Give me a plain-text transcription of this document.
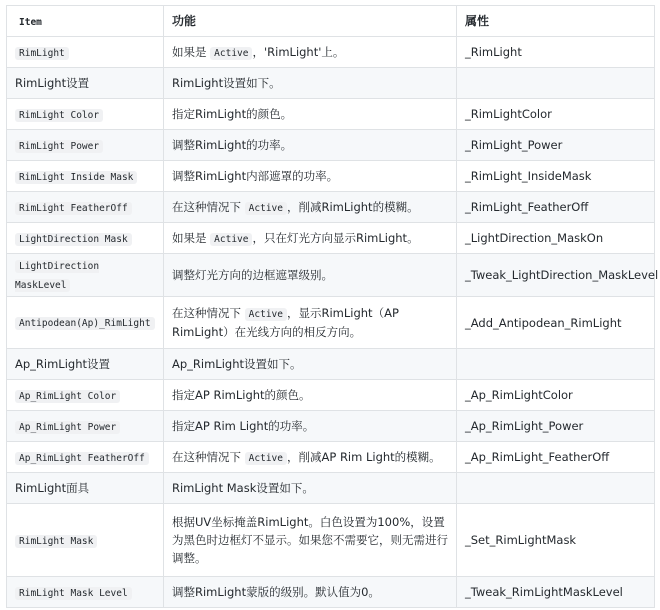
Item	功能	属性
RimLight	如果是 Active ，'RimLight'上。	_RimLight
RimLight设置	RimLight设置如下。	
RimLight Color	指定RimLight的颜色。	_RimLightColor
RimLight Power	调整RimLight的功率。	_RimLight_Power
RimLight Inside Mask	调整RimLight内部遮罩的功率。	_RimLight_InsideMask
RimLight FeatherOff	在这种情况下 Active ，削减RimLight的模糊。	_RimLight_FeatherOff
LightDirection Mask	如果是 Active ，只在灯光方向显示RimLight。	_LightDirection_MaskOn
LightDirection MaskLevel	调整灯光方向的边框遮罩级别。	_Tweak_LightDirection_MaskLevel
Antipodean(Ap)_RimLight	在这种情况下 Active ，显示RimLight（AP RimLight）在光线方向的相反方向。	_Add_Antipodean_RimLight
Ap_RimLight设置	Ap_RimLight设置如下。	
Ap_RimLight Color	指定AP RimLight的颜色。	_Ap_RimLightColor
Ap_RimLight Power	指定AP Rim Light的功率。	_Ap_RimLight_Power
Ap_RimLight FeatherOff	在这种情况下 Active ，削减AP Rim Light的模糊。	_Ap_RimLight_FeatherOff
RimLight面具	RimLight Mask设置如下。	
RimLight Mask	根据UV坐标掩盖RimLight。白色设置为100%，设置为黑色时边框灯不显示。如果您不需要它，则无需进行调整。	_Set_RimLightMask
RimLight Mask Level	调整RimLight蒙版的级别。默认值为0。	_Tweak_RimLightMaskLevel
